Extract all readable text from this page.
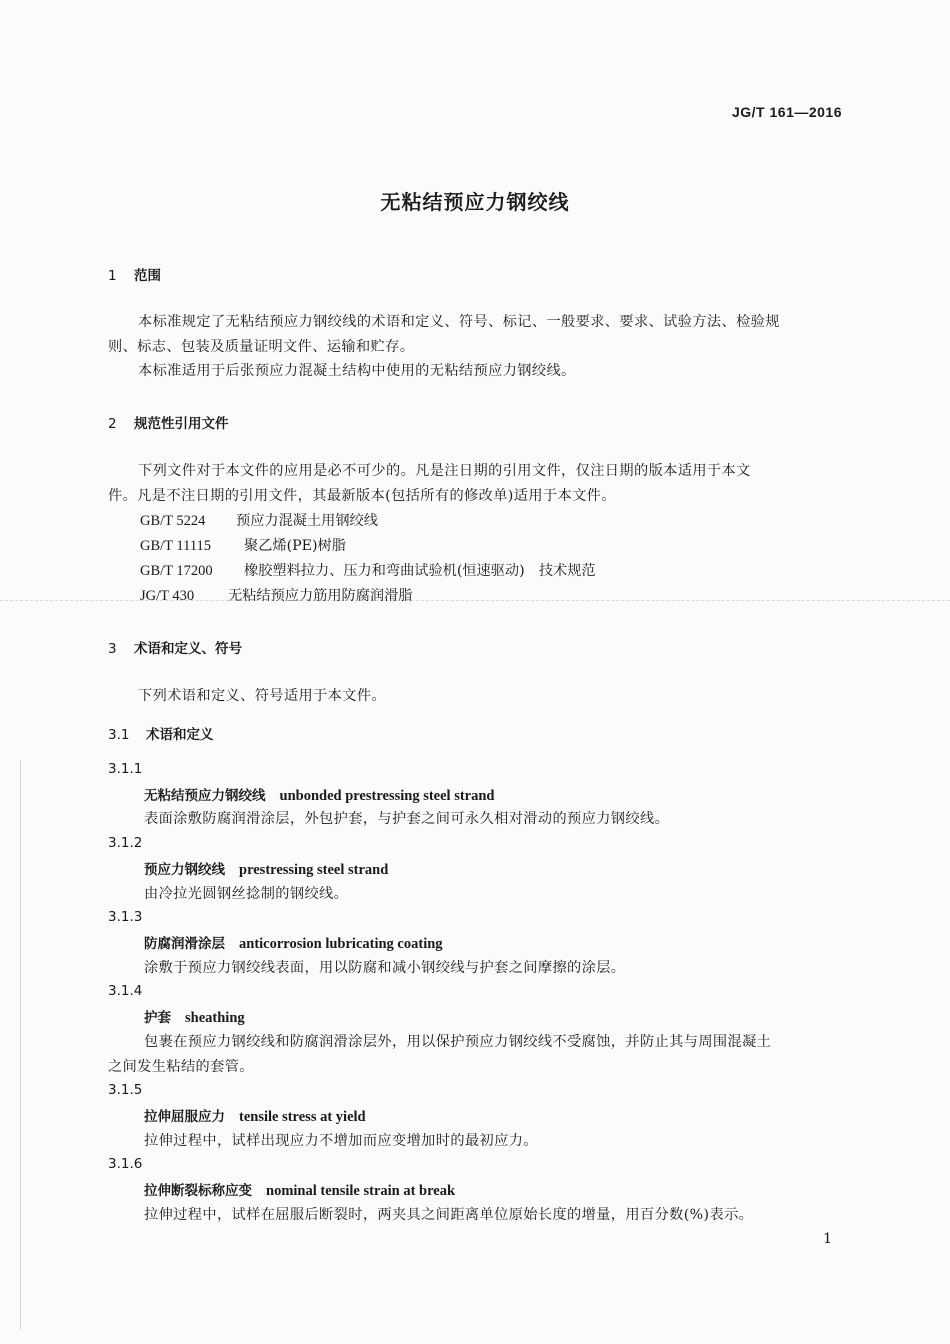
JG/T 161—2016
无粘结预应力钢绞线
1 范围
本标准规定了无粘结预应力钢绞线的术语和定义、符号、标记、一般要求、要求、试验方法、检验规
则、标志、包装及质量证明文件、运输和贮存。
本标准适用于后张预应力混凝土结构中使用的无粘结预应力钢绞线。
2 规范性引用文件
下列文件对于本文件的应用是必不可少的。凡是注日期的引用文件，仅注日期的版本适用于本文
件。凡是不注日期的引用文件，其最新版本(包括所有的修改单)适用于本文件。
GB/T 5224 预应力混凝土用钢绞线
GB/T 11115 聚乙烯(PE)树脂
GB/T 17200 橡胶塑料拉力、压力和弯曲试验机(恒速驱动)　技术规范
JG/T 430 无粘结预应力筋用防腐润滑脂
3 术语和定义、符号
下列术语和定义、符号适用于本文件。
3.1 术语和定义
3.1.1
无粘结预应力钢绞线 unbonded prestressing steel strand
表面涂敷防腐润滑涂层，外包护套，与护套之间可永久相对滑动的预应力钢绞线。
3.1.2
预应力钢绞线 prestressing steel strand
由冷拉光圆钢丝捻制的钢绞线。
3.1.3
防腐润滑涂层 anticorrosion lubricating coating
涂敷于预应力钢绞线表面，用以防腐和减小钢绞线与护套之间摩擦的涂层。
3.1.4
护套 sheathing
包裹在预应力钢绞线和防腐润滑涂层外，用以保护预应力钢绞线不受腐蚀，并防止其与周围混凝土
之间发生粘结的套管。
3.1.5
拉伸屈服应力 tensile stress at yield
拉伸过程中，试样出现应力不增加而应变增加时的最初应力。
3.1.6
拉伸断裂标称应变 nominal tensile strain at break
拉伸过程中，试样在屈服后断裂时，两夹具之间距离单位原始长度的增量，用百分数(%)表示。
1
